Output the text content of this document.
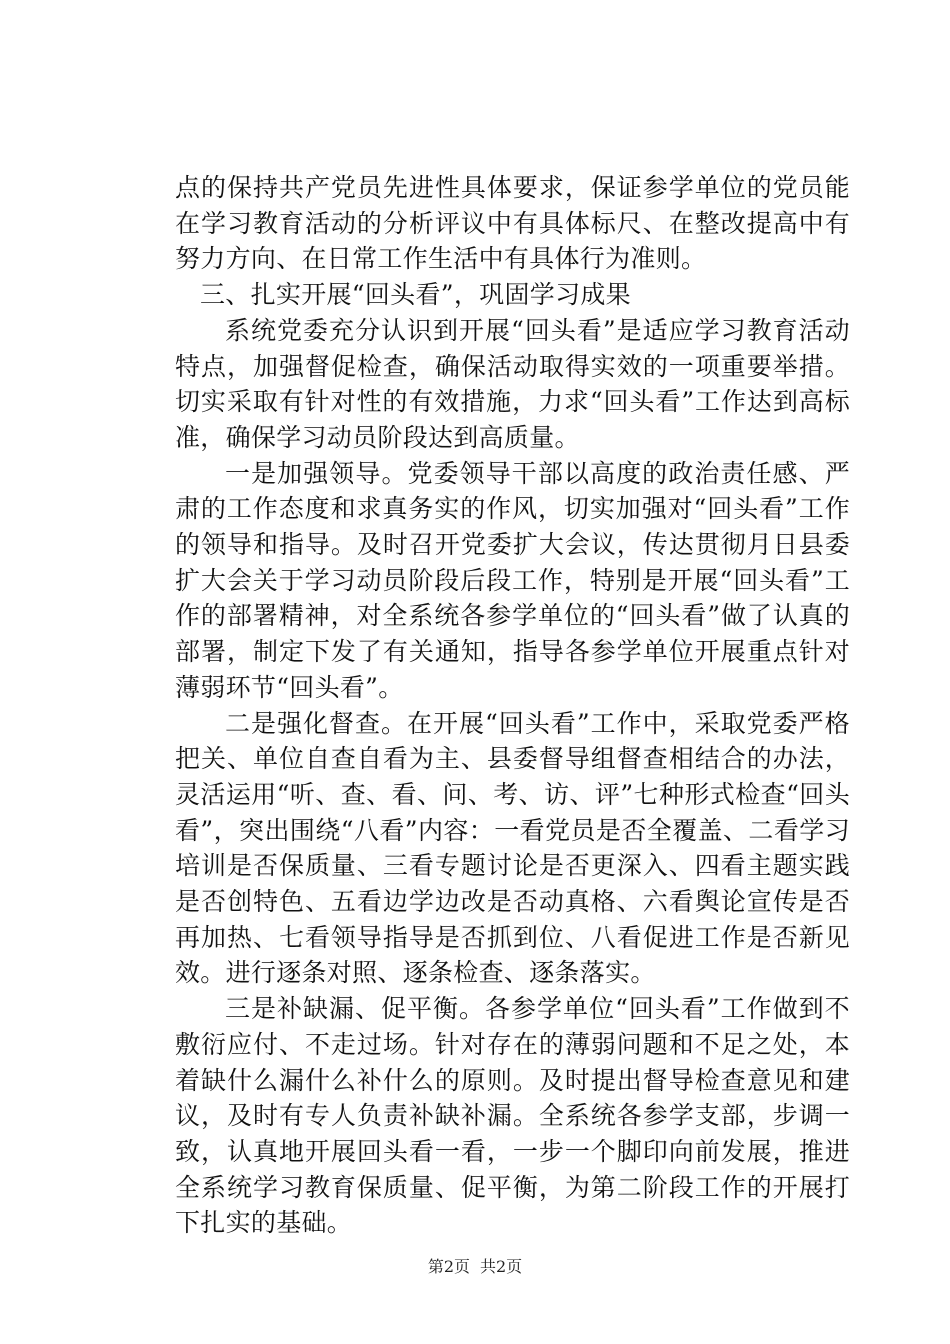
点的保持共产党员先进性具体要求，保证参学单位的党员能在学习教育活动的分析评议中有具体标尺、在整改提高中有努力方向、在日常工作生活中有具体行为准则。

三、扎实开展“回头看”，巩固学习成果

系统党委充分认识到开展“回头看”是适应学习教育活动特点，加强督促检查，确保活动取得实效的一项重要举措。切实采取有针对性的有效措施，力求“回头看”工作达到高标准，确保学习动员阶段达到高质量。

一是加强领导。党委领导干部以高度的政治责任感、严肃的工作态度和求真务实的作风，切实加强对“回头看”工作的领导和指导。及时召开党委扩大会议，传达贯彻月日县委扩大会关于学习动员阶段后段工作，特别是开展“回头看”工作的部署精神，对全系统各参学单位的“回头看”做了认真的部署，制定下发了有关通知，指导各参学单位开展重点针对薄弱环节“回头看”。

二是强化督查。在开展“回头看”工作中，采取党委严格把关、单位自查自看为主、县委督导组督查相结合的办法，灵活运用“听、查、看、问、考、访、评”七种形式检查“回头看”，突出围绕“八看”内容：一看党员是否全覆盖、二看学习培训是否保质量、三看专题讨论是否更深入、四看主题实践是否创特色、五看边学边改是否动真格、六看舆论宣传是否再加热、七看领导指导是否抓到位、八看促进工作是否新见效。进行逐条对照、逐条检查、逐条落实。

三是补缺漏、促平衡。各参学单位“回头看”工作做到不敷衍应付、不走过场。针对存在的薄弱问题和不足之处，本着缺什么漏什么补什么的原则。及时提出督导检查意见和建议，及时有专人负责补缺补漏。全系统各参学支部，步调一致，认真地开展回头看一看，一步一个脚印向前发展，推进全系统学习教育保质量、促平衡，为第二阶段工作的开展打下扎实的基础。

第2页 共2页
